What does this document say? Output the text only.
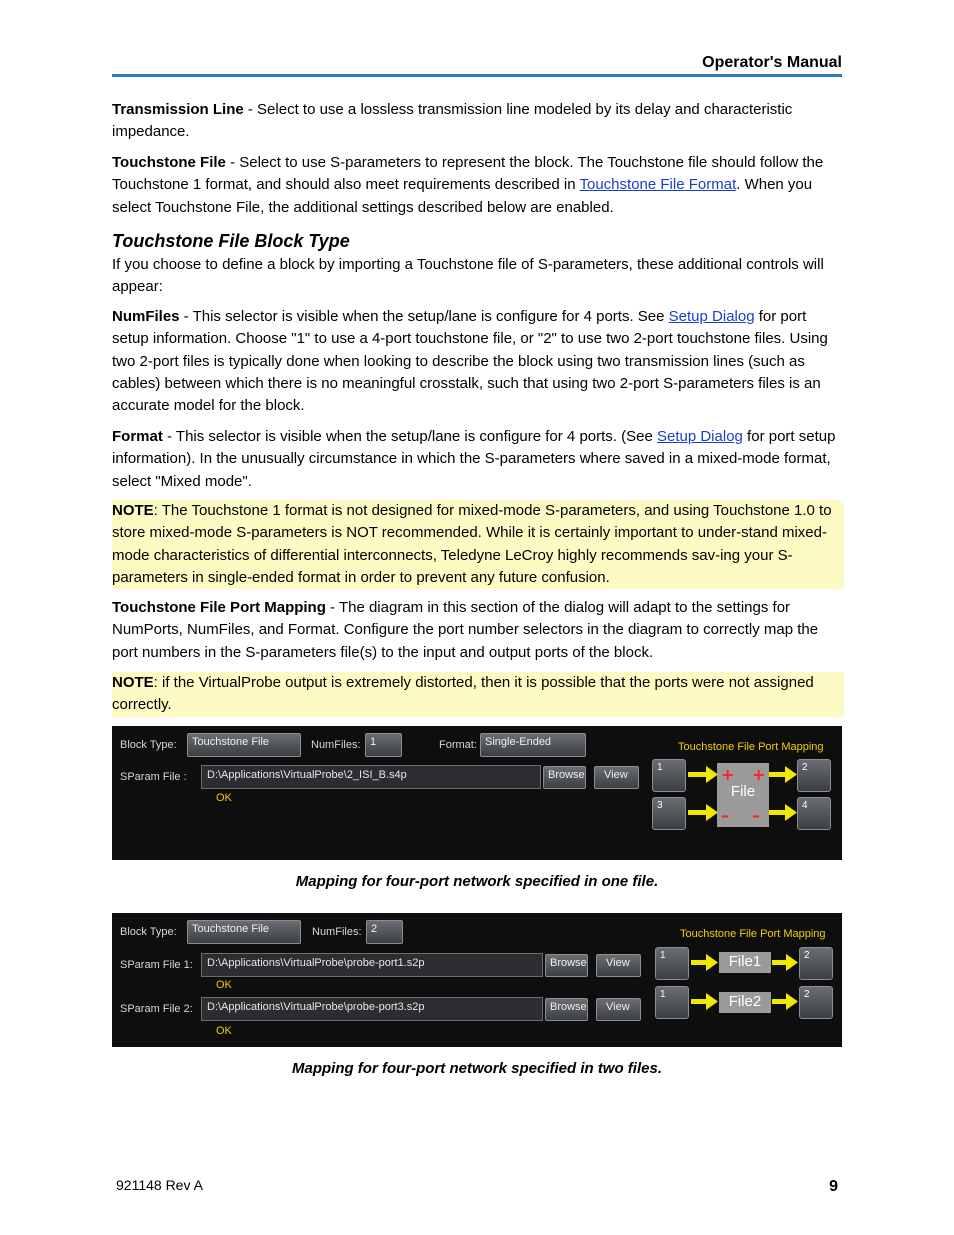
Operator's Manual
Transmission Line - Select to use a lossless transmission line modeled by its delay and characteristic impedance.
Touchstone File - Select to use S-parameters to represent the block. The Touchstone file should follow the Touchstone 1 format, and should also meet requirements described in Touchstone File Format. When you select Touchstone File, the additional settings described below are enabled.
Touchstone File Block Type
If you choose to define a block by importing a Touchstone file of S-parameters, these additional controls will appear:
NumFiles - This selector is visible when the setup/lane is configure for 4 ports. See Setup Dialog for port setup information. Choose "1" to use a 4-port touchstone file, or "2" to use two 2-port touchstone files. Using two 2-port files is typically done when looking to describe the block using two transmission lines (such as cables) between which there is no meaningful crosstalk, such that using two 2-port S-parameters files is an accurate model for the block.
Format - This selector is visible when the setup/lane is configure for 4 ports. (See Setup Dialog for port setup information). In the unusually circumstance in which the S-parameters where saved in a mixed-mode format, select "Mixed mode".
NOTE: The Touchstone 1 format is not designed for mixed-mode S-parameters, and using Touchstone 1.0 to store mixed-mode S-parameters is NOT recommended. While it is certainly important to under-stand mixed-mode characteristics of differential interconnects, Teledyne LeCroy highly recommends sav-ing your S-parameters in single-ended format in order to prevent any future confusion.
Touchstone File Port Mapping - The diagram in this section of the dialog will adapt to the settings for NumPorts, NumFiles, and Format. Configure the port number selectors in the diagram to correctly map the port numbers in the S-parameters file(s) to the input and output ports of the block.
NOTE: if the VirtualProbe output is extremely distorted, then it is possible that the ports were not assigned correctly.
Block Type:	Touchstone File	NumFiles: 1	Format: Single-Ended	Touchstone File Port Mapping
SParam File :	D:\Applications\VirtualProbe\2_ISI_B.s4p	Browse	View
OK
1	2
3	4
File
+ +
– –
Mapping for four-port network specified in one file.
Block Type:	Touchstone File	NumFiles: 2	Touchstone File Port Mapping
SParam File 1:	D:\Applications\VirtualProbe\probe-port1.s2p	Browse	View
OK
SParam File 2:	D:\Applications\VirtualProbe\probe-port3.s2p	Browse	View
OK
1	2
1	2
File1
File2
Mapping for four-port network specified in two files.
921148 Rev A	9
